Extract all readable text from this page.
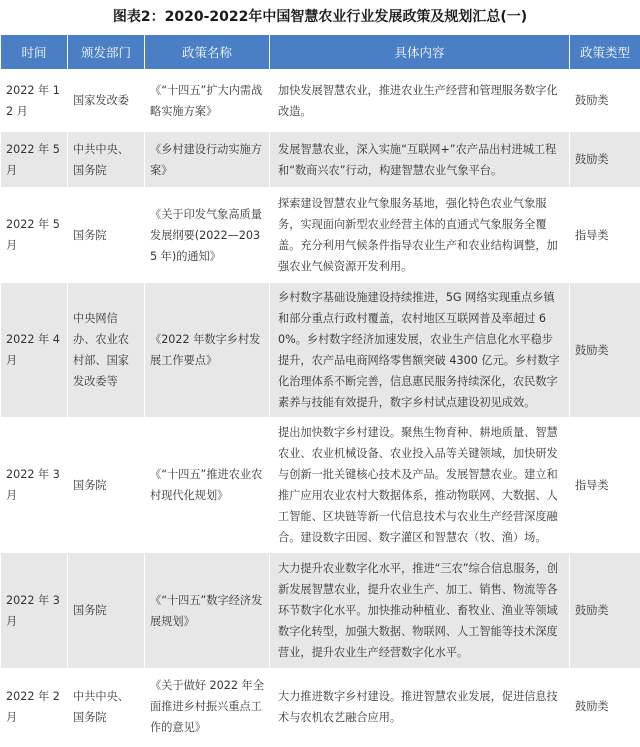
图表2：2020-2022年中国智慧农业行业发展政策及规划汇总(一)
时间	颁发部门	政策名称	具体内容	政策类型
2022 年 12 月	国家发改委	《“十四五”扩大内需战略实施方案》	加快发展智慧农业，推进农业生产经营和管理服务数字化改造。	鼓励类
2022 年 5 月	中共中央、国务院	《乡村建设行动实施方案》	发展智慧农业，深入实施“互联网+”农产品出村进城工程和“数商兴农”行动，构建智慧农业气象平台。	鼓励类
2022 年 5 月	国务院	《关于印发气象高质量发展纲要(2022—2035 年)的通知》	探索建设智慧农业气象服务基地，强化特色农业气象服务，实现面向新型农业经营主体的直通式气象服务全覆盖。充分利用气候条件指导农业生产和农业结构调整，加强农业气候资源开发利用。	指导类
2022 年 4 月	中央网信办、农业农村部、国家发改委等	《2022 年数字乡村发展工作要点》	乡村数字基础设施建设持续推进，5G 网络实现重点乡镇和部分重点行政村覆盖，农村地区互联网普及率超过 60%。乡村数字经济加速发展，农业生产信息化水平稳步提升，农产品电商网络零售额突破 4300 亿元。乡村数字化治理体系不断完善，信息惠民服务持续深化，农民数字素养与技能有效提升，数字乡村试点建设初见成效。	鼓励类
2022 年 3 月	国务院	《“十四五”推进农业农村现代化规划》	提出加快数字乡村建设。聚焦生物育种、耕地质量、智慧农业、农业机械设备、农业投入品等关键领域，加快研发与创新一批关键核心技术及产品。发展智慧农业。建立和推广应用农业农村大数据体系，推动物联网、大数据、人工智能、区块链等新一代信息技术与农业生产经营深度融合。建设数字田园、数字灌区和智慧农（牧、渔）场。	指导类
2022 年 3 月	国务院	《“十四五”数字经济发展规划》	大力提升农业数字化水平，推进“三农”综合信息服务，创新发展智慧农业，提升农业生产、加工、销售、物流等各环节数字化水平。加快推动种植业、畜牧业、渔业等领域数字化转型，加强大数据、物联网、人工智能等技术深度营业，提升农业生产经营数字化水平。	鼓励类
2022 年 2 月	中共中央、国务院	《关于做好 2022 年全面推进乡村振兴重点工作的意见》	大力推进数字乡村建设。推进智慧农业发展，促进信息技术与农机农艺融合应用。	鼓励类
